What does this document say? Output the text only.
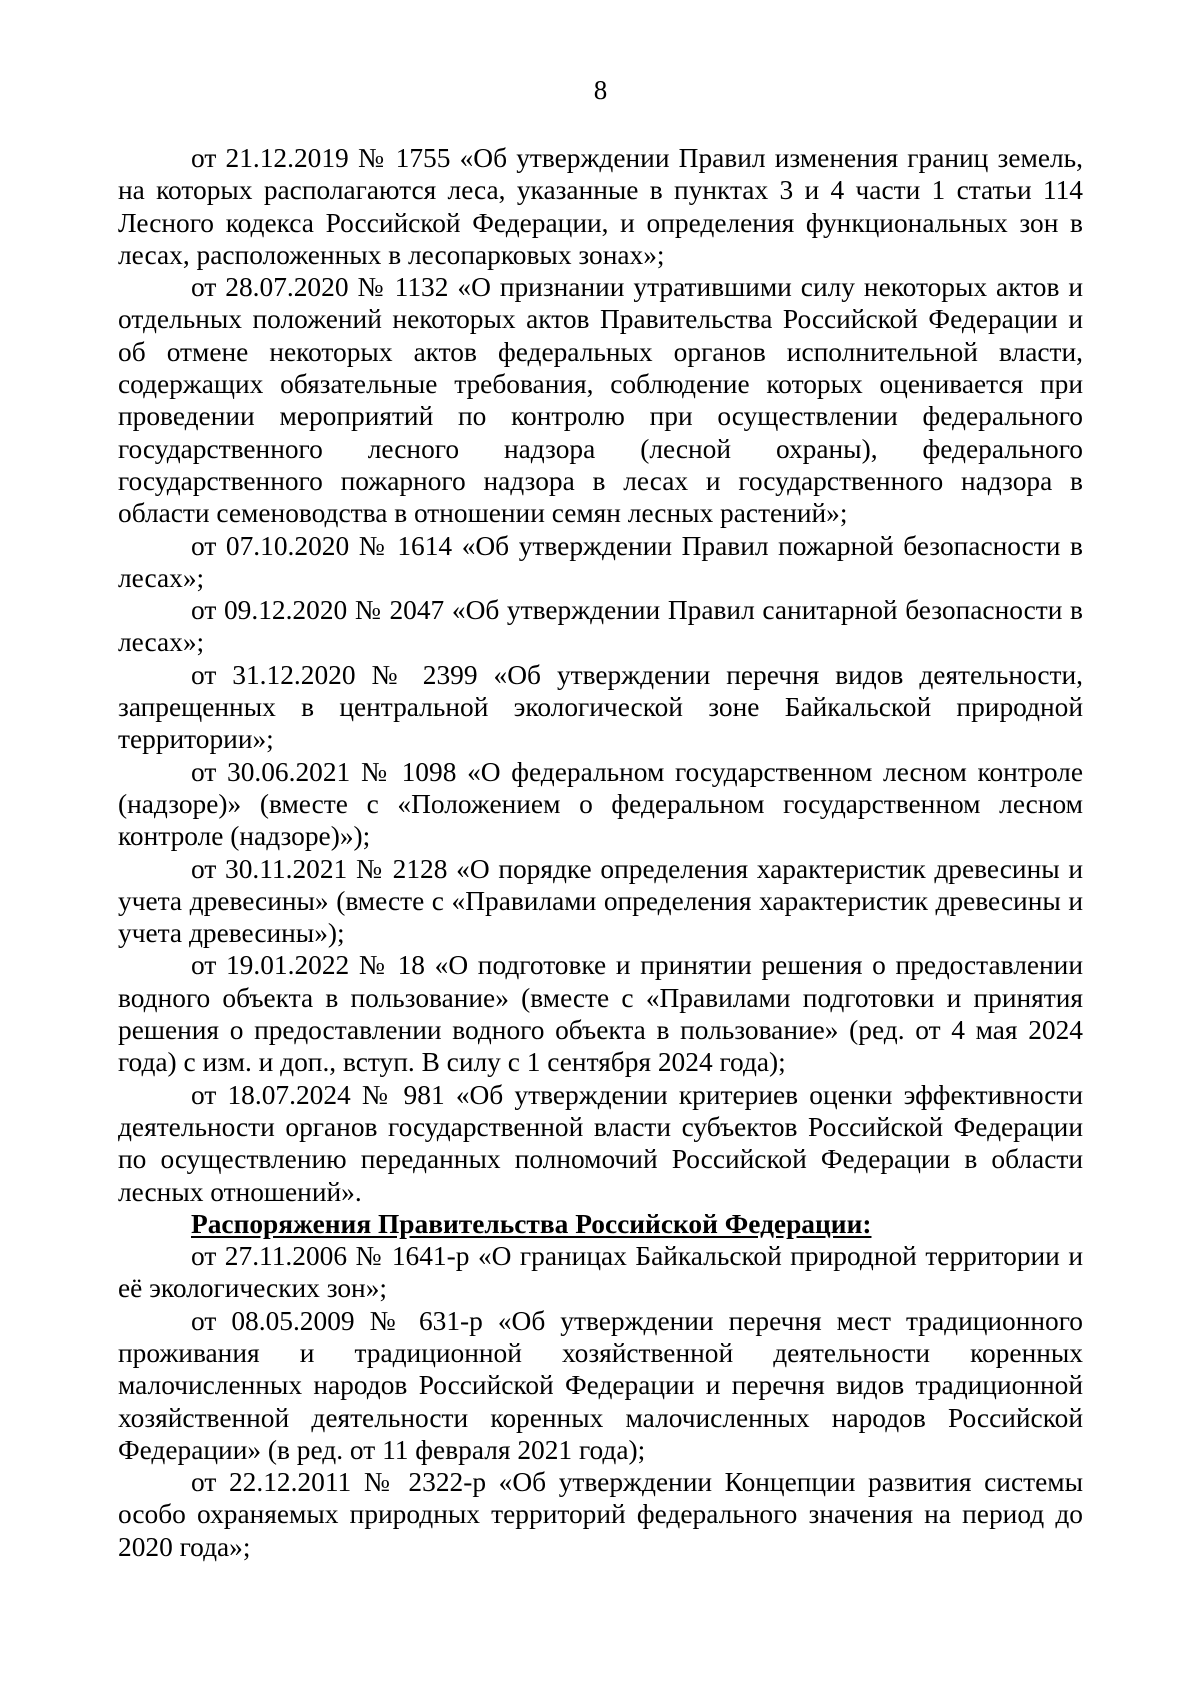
8

от 21.12.2019 № 1755 «Об утверждении Правил изменения границ земель, на которых располагаются леса, указанные в пунктах 3 и 4 части 1 статьи 114 Лесного кодекса Российской Федерации, и определения функциональных зон в лесах, расположенных в лесопарковых зонах»;

от 28.07.2020 № 1132 «О признании утратившими силу некоторых актов и отдельных положений некоторых актов Правительства Российской Федерации и об отмене некоторых актов федеральных органов исполнительной власти, содержащих обязательные требования, соблюдение которых оценивается при проведении мероприятий по контролю при осуществлении федерального государственного лесного надзора (лесной охраны), федерального государственного пожарного надзора в лесах и государственного надзора в области семеноводства в отношении семян лесных растений»;

от 07.10.2020 № 1614 «Об утверждении Правил пожарной безопасности в лесах»;

от 09.12.2020 № 2047 «Об утверждении Правил санитарной безопасности в лесах»;

от 31.12.2020 № 2399 «Об утверждении перечня видов деятельности, запрещенных в центральной экологической зоне Байкальской природной территории»;

от 30.06.2021 № 1098 «О федеральном государственном лесном контроле (надзоре)» (вместе с «Положением о федеральном государственном лесном контроле (надзоре)»);

от 30.11.2021 № 2128 «О порядке определения характеристик древесины и учета древесины» (вместе с «Правилами определения характеристик древесины и учета древесины»);

от 19.01.2022 № 18 «О подготовке и принятии решения о предоставлении водного объекта в пользование» (вместе с «Правилами подготовки и принятия решения о предоставлении водного объекта в пользование» (ред. от 4 мая 2024 года) с изм. и доп., вступ. В силу с 1 сентября 2024 года);

от 18.07.2024 № 981 «Об утверждении критериев оценки эффективности деятельности органов государственной власти субъектов Российской Федерации по осуществлению переданных полномочий Российской Федерации в области лесных отношений».

Распоряжения Правительства Российской Федерации:

от 27.11.2006 № 1641-р «О границах Байкальской природной территории и её экологических зон»;

от 08.05.2009 № 631-р «Об утверждении перечня мест традиционного проживания и традиционной хозяйственной деятельности коренных малочисленных народов Российской Федерации и перечня видов традиционной хозяйственной деятельности коренных малочисленных народов Российской Федерации» (в ред. от 11 февраля 2021 года);

от 22.12.2011 № 2322-р «Об утверждении Концепции развития системы особо охраняемых природных территорий федерального значения на период до 2020 года»;
